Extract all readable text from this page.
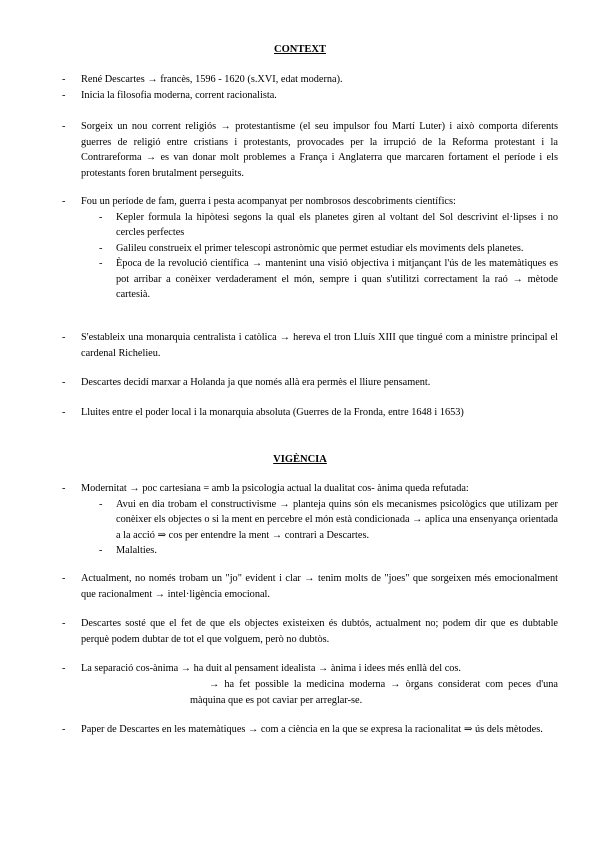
CONTEXT
-	René Descartes → francès, 1596 - 1620 (s.XVI, edat moderna).
-	Inicia la filosofia moderna, corrent racionalista.
-	Sorgeix un nou corrent religiós → protestantisme (el seu impulsor fou Martí Luter) i això comporta diferents guerres de religió entre cristians i protestants, provocades per la irrupció de la Reforma protestant i la Contrareforma → es van donar molt problemes a França i Anglaterra que marcaren fortament el període i els protestants foren brutalment perseguits.
-	Fou un període de fam, guerra i pesta acompanyat per nombrosos descobriments científics:
-	Kepler formula la hipòtesi segons la qual els planetes giren al voltant del Sol descrivint el·lipses i no cercles perfectes
-	Galileu construeix el primer telescopi astronòmic que permet estudiar els moviments dels planetes.
-	Època de la revolució científica → mantenint una visió objectiva i mitjançant l'ús de les matemàtiques es pot arribar a conèixer verdaderament el món, sempre i quan s'utilitzi correctament la raó → mètode cartesià.
-	S'estableix una monarquia centralista i catòlica → hereva el tron Lluís XIII que tingué com a ministre principal el cardenal Richelieu.
-	Descartes decidí marxar a Holanda ja que només allà era permès el lliure pensament.
-	Lluites entre el poder local i la monarquia absoluta (Guerres de la Fronda, entre 1648 i 1653)
VIGÈNCIA
-	Modernitat → poc cartesiana = amb la psicologia actual la dualitat cos- ànima queda refutada:
-	Avui en dia trobam el constructivisme → planteja quins són els mecanismes psicològics que utilizam per conèixer els objectes o si la ment en percebre el món està condicionada → aplica una ensenyança orientada a la acció ⇒ cos per entendre la ment → contrari a Descartes.
-	Malalties.
-	Actualment, no només trobam un "jo" evident i clar → tenim molts de "joes" que sorgeixen més emocionalment que racionalment → intel·ligència emocional.
-	Descartes sosté que el fet de que els objectes existeixen és dubtós, actualment no; podem dir que es dubtable perquè podem dubtar de tot el que volguem, però no dubtòs.
-	La separació cos-ànima → ha duit al pensament idealista → ànima i idees més enllà del cos.
→ ha fet possible la medicina moderna → òrgans considerat com peces d'una màquina que es pot caviar per arreglar-se.
-	Paper de Descartes en les matemàtiques → com a ciència en la que se expresa la racionalitat ⇒ ús dels mètodes.
